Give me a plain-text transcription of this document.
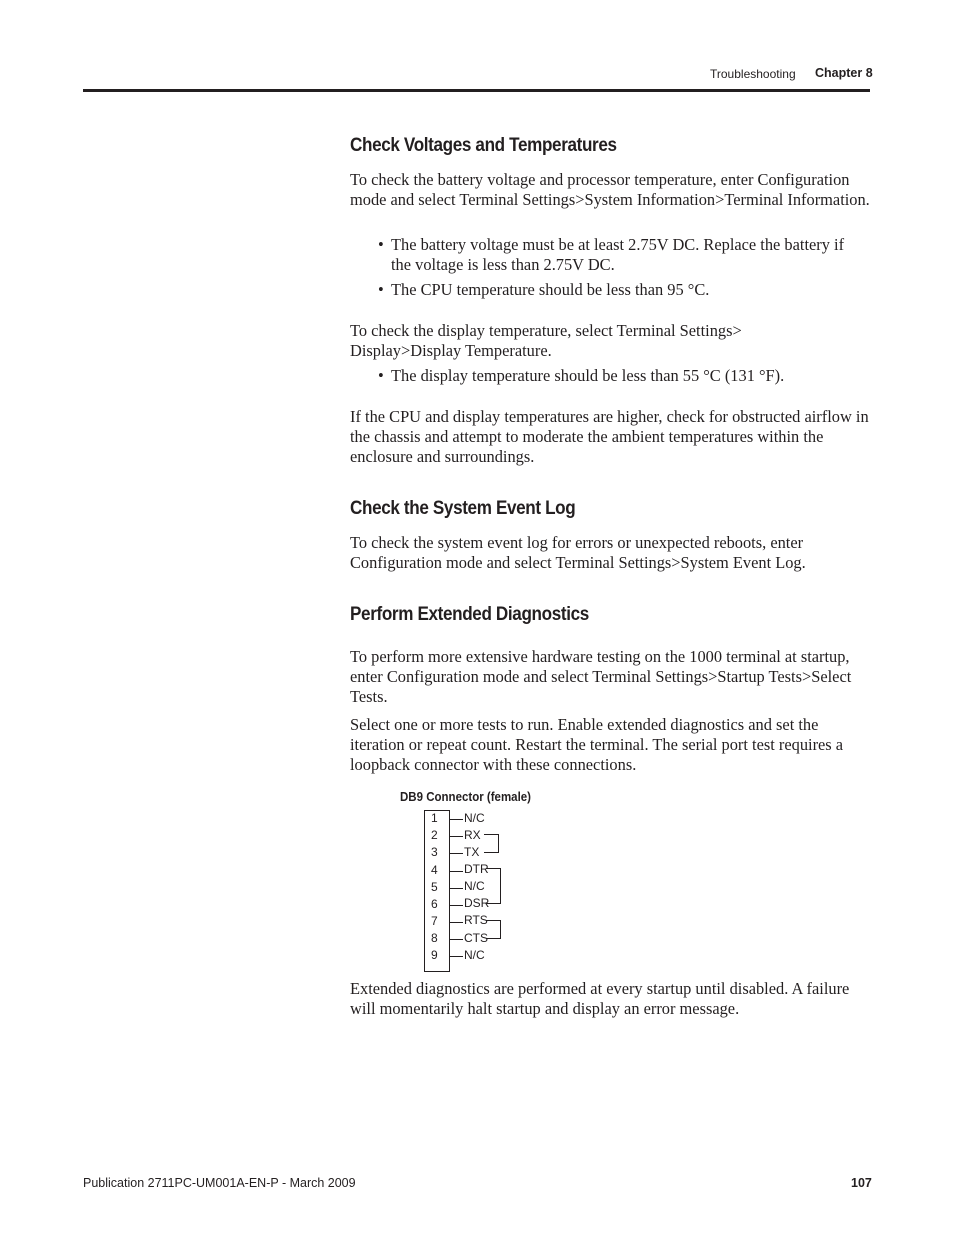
Troubleshooting Chapter 8
Check Voltages and Temperatures

To check the battery voltage and processor temperature, enter Configuration mode and select Terminal Settings>System Information>Terminal Information.

• The battery voltage must be at least 2.75V DC. Replace the battery if the voltage is less than 2.75V DC.
• The CPU temperature should be less than 95 °C.

To check the display temperature, select Terminal Settings> Display>Display Temperature.

• The display temperature should be less than 55 °C (131 °F).

If the CPU and display temperatures are higher, check for obstructed airflow in the chassis and attempt to moderate the ambient temperatures within the enclosure and surroundings.

Check the System Event Log

To check the system event log for errors or unexpected reboots, enter Configuration mode and select Terminal Settings>System Event Log.

Perform Extended Diagnostics

To perform more extensive hardware testing on the 1000 terminal at startup, enter Configuration mode and select Terminal Settings>Startup Tests>Select Tests.

Select one or more tests to run. Enable extended diagnostics and set the iteration or repeat count. Restart the terminal. The serial port test requires a loopback connector with these connections.

DB9 Connector (female)
1 N/C
2 RX
3 TX
4 DTR
5 N/C
6 DSR
7 RTS
8 CTS
9 N/C

Extended diagnostics are performed at every startup until disabled. A failure will momentarily halt startup and display an error message.

Publication 2711PC-UM001A-EN-P - March 2009	107
